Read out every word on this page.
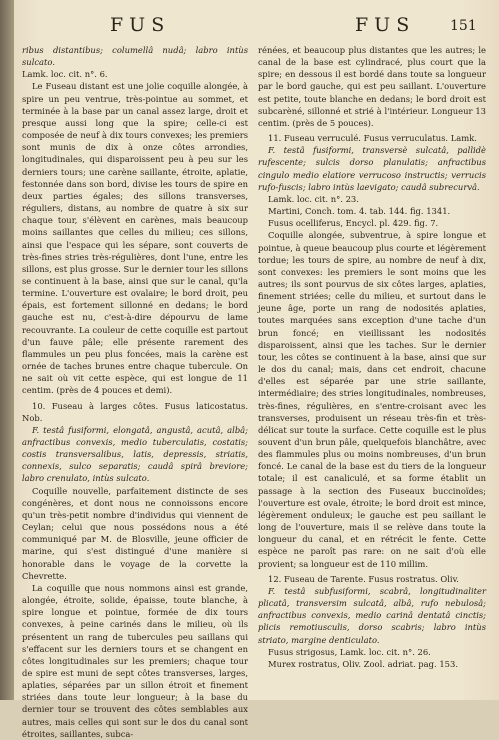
FUS	FUS 151

ribus distantibus; columellâ nudâ; labro intùs sulcato.

Lamk. loc. cit. n°. 6.

Le Fuseau distant est une jolie coquille alongée, à spire un peu ventrue, très-pointue au sommet, et terminée à la base par un canal assez large, droit et presque aussi long que la spire; celle-ci est composée de neuf à dix tours convexes; les premiers sont munis de dix à onze côtes arrondies, longitudinales, qui disparoissent peu à peu sur les derniers tours; une carène saillante, étroite, aplatie, festonnée dans son bord, divise les tours de spire en deux parties égales; des sillons transverses, réguliers, distans, au nombre de quatre à six sur chaque tour, s'élèvent en carènes, mais beaucoup moins saillantes que celles du milieu; ces sillons, ainsi que l'espace qui les sépare, sont couverts de très-fines stries très-régulières, dont l'une, entre les sillons, est plus grosse. Sur le dernier tour les sillons se continuent à la base, ainsi que sur le canal, qu'la termine. L'ouverture est ovalaire; le bord droit, peu épais, est fortement sillonné en dedans; le bord gauche est nu, c'est-à-dire dépourvu de lame recouvrante. La couleur de cette coquille est partout d'un fauve pâle; elle présente rarement des flammules un peu plus foncées, mais la carène est ornée de taches brunes entre chaque tubercule. On ne sait où vit cette espèce, qui est longue de 11 centim. (près de 4 pouces et demi).

10. Fuseau à larges côtes. Fusus laticostatus. Nob.

F. testâ fusiformi, elongatâ, angustâ, acutâ, albâ; anfractibus convexis, medio tuberculatis, costatis; costis transversalibus, latis, depressis, striatis, connexis, sulco separatis; caudâ spirâ breviore; labro crenulato, intùs sulcato.

Coquille nouvelle, parfaitement distincte de ses congénères, et dont nous ne connoissons encore qu'un très-petit nombre d'individus qui viennent de Ceylan; celui que nous possédons nous a été communiqué par M. de Blosville, jeune officier de marine, qui s'est distingué d'une manière si honorable dans le voyage de la corvette la Chevrette.

La coquille que nous nommons ainsi est grande, alongée, étroite, solide, épaisse, toute blanche, à spire longue et pointue, formée de dix tours convexes, à peine carinés dans le milieu, où ils présentent un rang de tubercules peu saillans qui s'effacent sur les derniers tours et se changent en côtes longitudinales sur les premiers; chaque tour de spire est muni de sept côtes transverses, larges, aplaties, séparées par un sillon étroit et finement striées dans toute leur longueur; à la base du dernier tour se trouvent des côtes semblables aux autres, mais celles qui sont sur le dos du canal sont étroites, saillantes, subca-

rénées, et beaucoup plus distantes que les autres; le canal de la base est cylindracé, plus court que la spire; en dessous il est bordé dans toute sa longueur par le bord gauche, qui est peu saillant. L'ouverture est petite, toute blanche en dedans; le bord droit est subcarèné, sillonné et strié à l'intérieur. Longueur 13 centim. (près de 5 pouces).

11. Fuseau verruculé. Fusus verruculatus. Lamk.

F. testâ fusiformi, transversè sulcatâ, pallidè rufescente; sulcis dorso planulatis; anfractibus cingulo medio elatiore verrucoso instructis; verrucis rufo-fuscis; labro intùs laevigato; caudâ subrecurvâ.

Lamk. loc. cit. n°. 23.

Martini, Conch. tom. 4. tab. 144. fig. 1341.

Fusus ocelliferus, Encycl. pl. 429. fig. 7.

Coquille alongée, subventrue, à spire longue et pointue, à queue beaucoup plus courte et légèrement tordue; les tours de spire, au nombre de neuf à dix, sont convexes: les premiers le sont moins que les autres; ils sont pourvus de six côtes larges, aplaties, finement striées; celle du milieu, et surtout dans le jeune âge, porte un rang de nodosités aplaties, toutes marquées sans exception d'une tache d'un brun foncé; en vieillissant les nodosités disparoissent, ainsi que les taches. Sur le dernier tour, les côtes se continuent à la base, ainsi que sur le dos du canal; mais, dans cet endroit, chacune d'elles est séparée par une strie saillante, intermédiaire; des stries longitudinales, nombreuses, très-fines, régulières, en s'entre-croisant avec les transverses, produisent un réseau très-fin et très-délicat sur toute la surface. Cette coquille est le plus souvent d'un brun pâle, quelquefois blanchâtre, avec des flammules plus ou moins nombreuses, d'un brun foncé. Le canal de la base est du tiers de la longueur totale; il est canaliculé, et sa forme établit un passage à la section des Fuseaux buccinoïdes; l'ouverture est ovale, étroite; le bord droit est mince, légèrement onduleux; le gauche est peu saillant le long de l'ouverture, mais il se relève dans toute la longueur du canal, et en rétrécit le fente. Cette espèce ne paroît pas rare: on ne sait d'où elle provient; sa longueur est de 110 millim.

12. Fuseau de Tarente. Fusus rostratus. Oliv.

F. testâ subfusiformi, scabrâ, longitudinaliter plicatâ, transversim sulcatâ, albâ, rufo nebulosâ; anfractibus convexis, medio carinâ dentatâ cinctis; plicis remotiusculis, dorso scabris; labro intùs striato, margine denticulato.

Fusus strigosus, Lamk. loc. cit. n°. 26.

Murex rostratus, Oliv. Zool. adriat. pag. 153.
